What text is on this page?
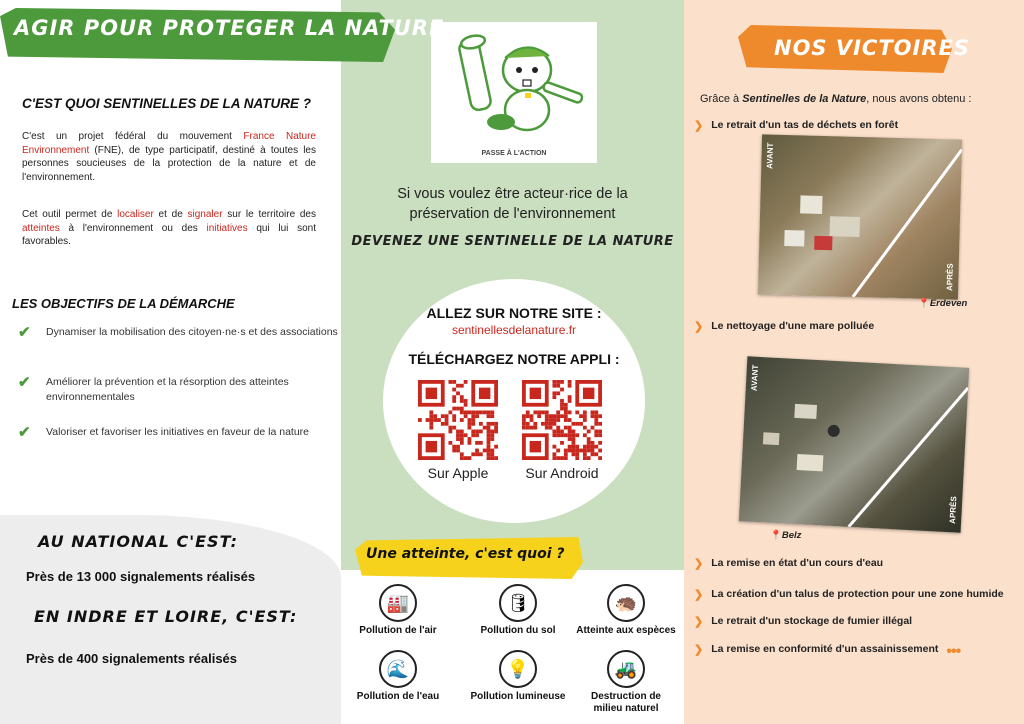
AGIR POUR PROTEGER LA NATURE
C'EST QUOI SENTINELLES DE LA NATURE ?
C'est un projet fédéral du mouvement France Nature Environnement (FNE), de type participatif, destiné à toutes les personnes soucieuses de la protection de la nature et de l'environnement.
Cet outil permet de localiser et de signaler sur le territoire des atteintes à l'environnement ou des initiatives qui lui sont favorables.
LES OBJECTIFS DE LA DÉMARCHE
✔	Dynamiser la mobilisation des citoyen·ne·s et des associations
✔	Améliorer la prévention et la résorption des atteintes environnementales
✔	Valoriser et favoriser les initiatives en faveur de la nature
AU NATIONAL C'EST:
Près de 13 000 signalements réalisés
EN INDRE ET LOIRE, C'EST:
Près de 400 signalements réalisés
PASSE À L'ACTION
Si vous voulez être acteur·rice de la
préservation de l'environnement
DEVENEZ UNE SENTINELLE DE LA NATURE
ALLEZ SUR NOTRE SITE :
sentinellesdelanature.fr
TÉLÉCHARGEZ NOTRE APPLI :
Sur Apple	Sur Android
Une atteinte, c'est quoi ?
🏭
Pollution de l'air
🛢
Pollution du sol
🦔
Atteinte aux espèces
🌊
Pollution de l'eau
💡
Pollution lumineuse
🚜
Destruction de milieu naturel
NOS VICTOIRES
Grâce à Sentinelles de la Nature, nous avons obtenu :
❯ Le retrait d'un tas de déchets en forêt
AVANT
APRÈS
📍Erdeven
❯ Le nettoyage d'une mare polluée
AVANT
APRÈS
📍Belz
❯ La remise en état d'un cours d'eau
❯ La création d'un talus de protection pour une zone humide
❯ Le retrait d'un stockage de fumier illégal
❯ La remise en conformité d'un assainissement •••
